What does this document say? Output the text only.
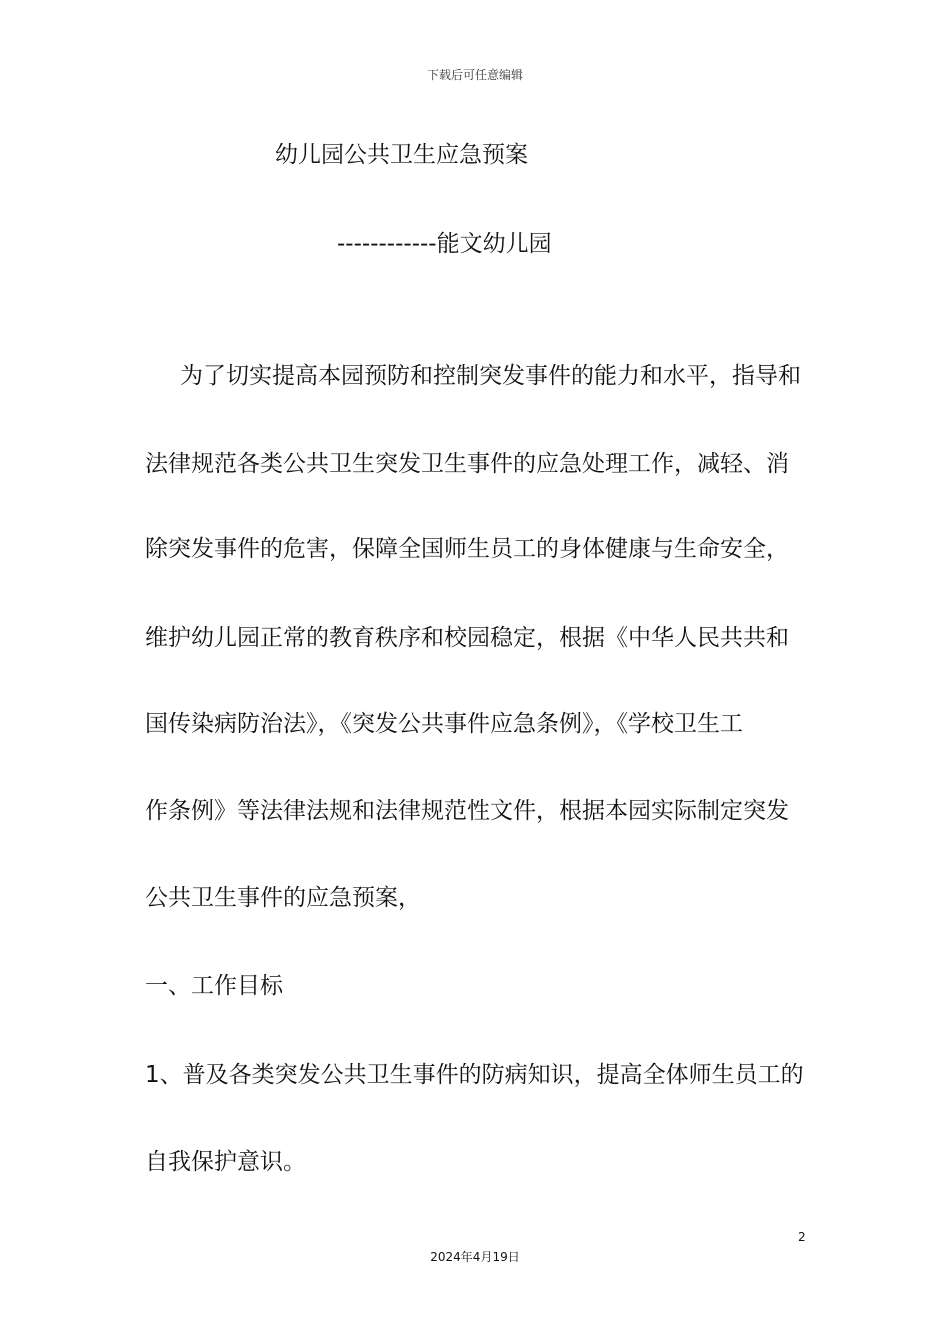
下载后可任意编辑
幼儿园公共卫生应急预案
------------能文幼儿园
为了切实提高本园预防和控制突发事件的能力和水平，指导和
法律规范各类公共卫生突发卫生事件的应急处理工作，减轻、消
除突发事件的危害，保障全国师生员工的身体健康与生命安全，
维护幼儿园正常的教育秩序和校园稳定，根据《中华人民共共和
国传染病防治法》，《突发公共事件应急条例》，《学校卫生工
作条例》等法律法规和法律规范性文件，根据本园实际制定突发
公共卫生事件的应急预案，
一、工作目标
1、普及各类突发公共卫生事件的防病知识，提高全体师生员工的
自我保护意识。
2
2024年4月19日
